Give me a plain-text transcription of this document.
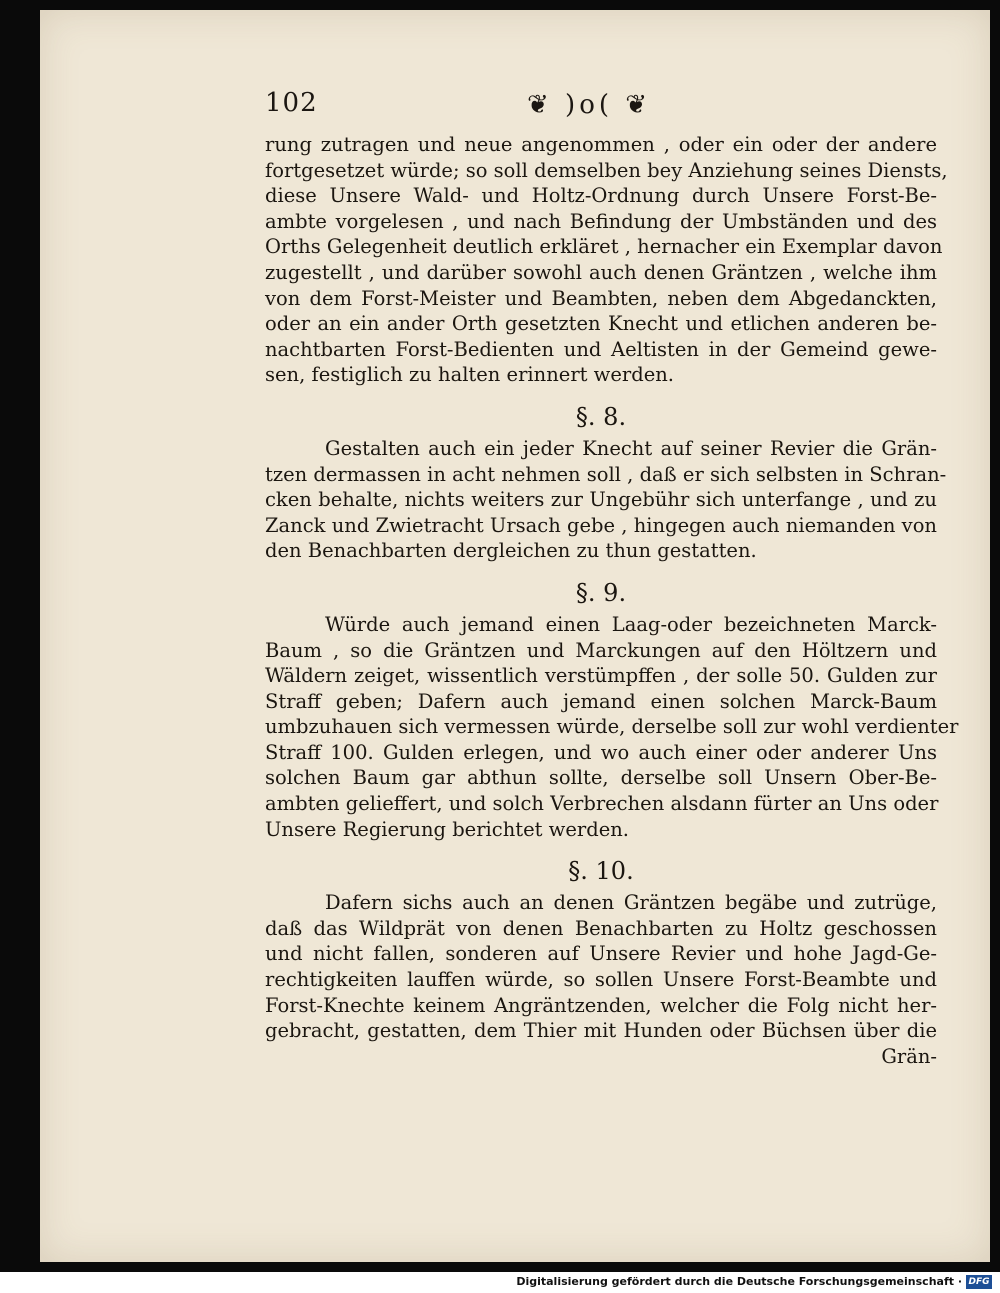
102	❦ )o( ❦
rung zutragen und neue angenommen , oder ein oder der andere
fortgesetzet würde; so soll demselben bey Anziehung seines Diensts,
diese Unsere Wald- und Holtz-Ordnung durch Unsere Forst-Be-
ambte vorgelesen , und nach Befindung der Umbständen und des
Orths Gelegenheit deutlich erkläret , hernacher ein Exemplar davon
zugestellt , und darüber sowohl auch denen Gräntzen , welche ihm
von dem Forst-Meister und Beambten, neben dem Abgedanckten,
oder an ein ander Orth gesetzten Knecht und etlichen anderen be-
nachtbarten Forst-Bedienten und Aeltisten in der Gemeind gewe-
sen, festiglich zu halten erinnert werden.
§. 8.
Gestalten auch ein jeder Knecht auf seiner Revier die Grän-
tzen dermassen in acht nehmen soll , daß er sich selbsten in Schran-
cken behalte, nichts weiters zur Ungebühr sich unterfange , und zu
Zanck und Zwietracht Ursach gebe , hingegen auch niemanden von
den Benachbarten dergleichen zu thun gestatten.
§. 9.
Würde auch jemand einen Laag-oder bezeichneten Marck-
Baum , so die Gräntzen und Marckungen auf den Höltzern und
Wäldern zeiget, wissentlich verstümpffen , der solle 50. Gulden zur
Straff geben; Dafern auch jemand einen solchen Marck-Baum
umbzuhauen sich vermessen würde, derselbe soll zur wohl verdienter
Straff 100. Gulden erlegen, und wo auch einer oder anderer Uns
solchen Baum gar abthun sollte, derselbe soll Unsern Ober-Be-
ambten gelieffert, und solch Verbrechen alsdann fürter an Uns oder
Unsere Regierung berichtet werden.
§. 10.
Dafern sichs auch an denen Gräntzen begäbe und zutrüge,
daß das Wildprät von denen Benachbarten zu Holtz geschossen
und nicht fallen, sonderen auf Unsere Revier und hohe Jagd-Ge-
rechtigkeiten lauffen würde, so sollen Unsere Forst-Beambte und
Forst-Knechte keinem Angräntzenden, welcher die Folg nicht her-
gebracht, gestatten, dem Thier mit Hunden oder Büchsen über die
Grän-
Digitalisierung gefördert durch die Deutsche Forschungsgemeinschaft · DFG
